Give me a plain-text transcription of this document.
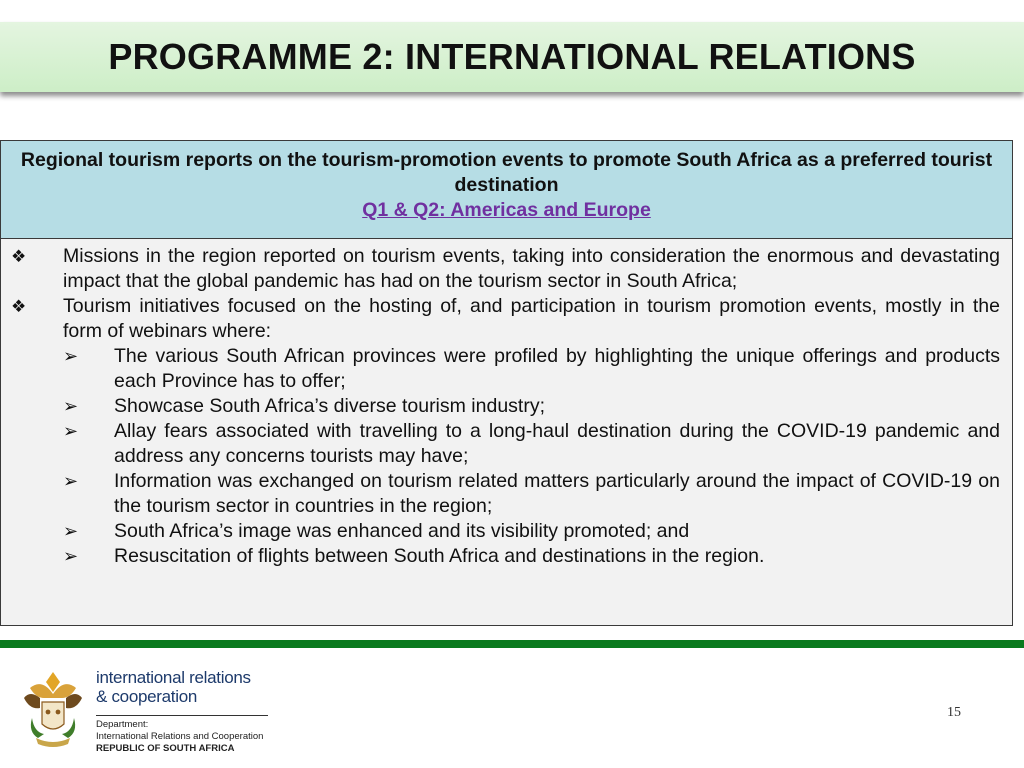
PROGRAMME 2: INTERNATIONAL RELATIONS
Regional tourism reports on the tourism-promotion events to promote South Africa as a preferred tourist destination
Q1 & Q2: Americas and Europe
❖ Missions in the region reported on tourism events, taking into consideration the enormous and devastating impact that the global pandemic has had on the tourism sector in South Africa;
❖ Tourism initiatives focused on the hosting of, and participation in tourism promotion events, mostly in the form of webinars where:
➢ The various South African provinces were profiled by highlighting the unique offerings and products each Province has to offer;
➢ Showcase South Africa’s diverse tourism industry;
➢ Allay fears associated with travelling to a long-haul destination during the COVID-19 pandemic and address any concerns tourists may have;
➢ Information was exchanged on tourism related matters particularly around the impact of COVID-19 on the tourism sector in countries in the region;
➢ South Africa’s image was enhanced and its visibility promoted; and
➢ Resuscitation of flights between South Africa and destinations in the region.
international relations
& cooperation
Department:
International Relations and Cooperation
REPUBLIC OF SOUTH AFRICA
15
